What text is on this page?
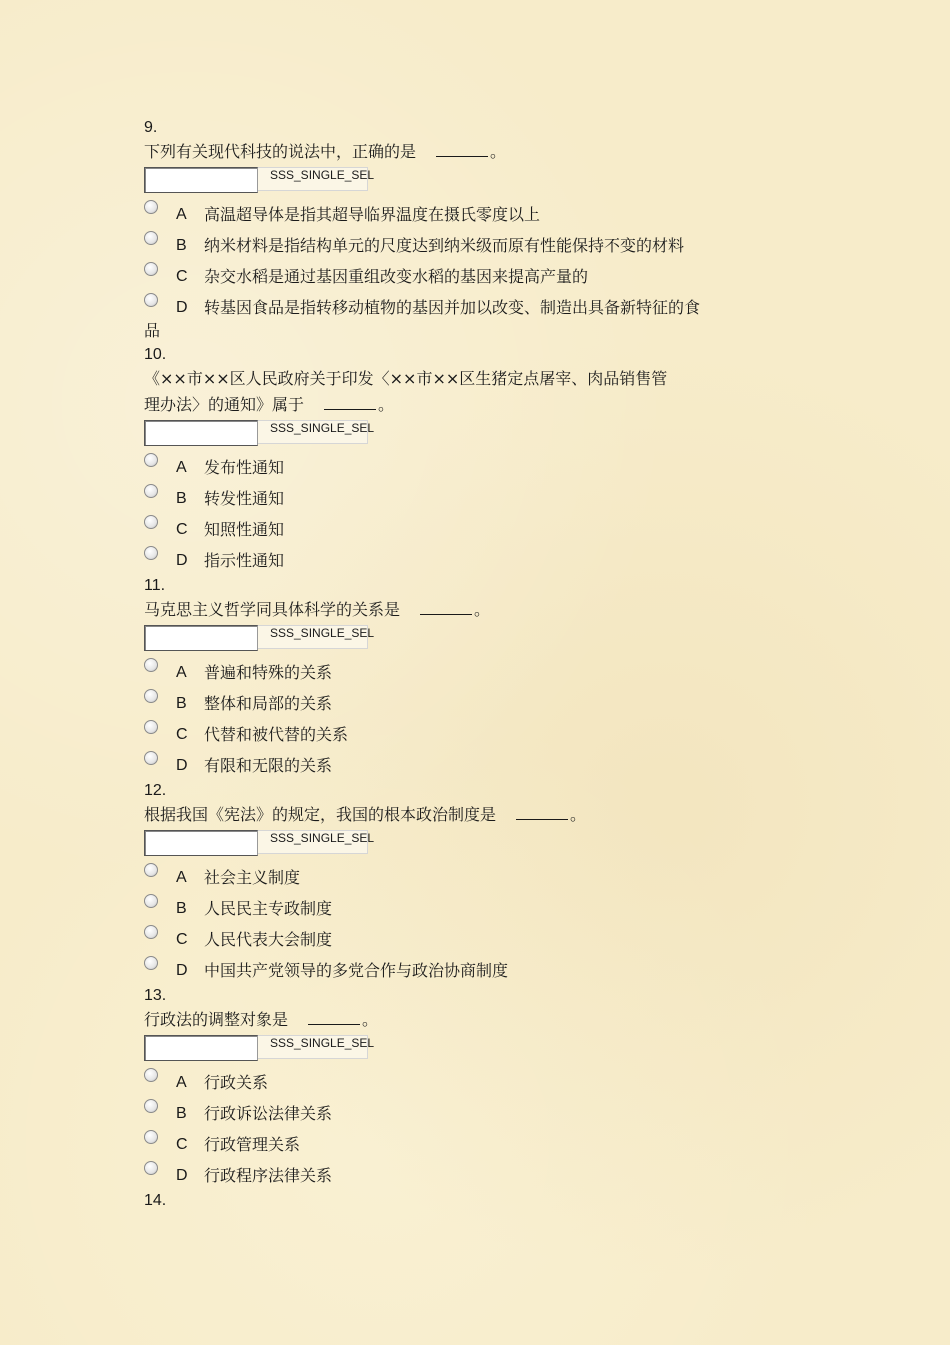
9.
下列有关现代科技的说法中，正确的是	。
SSS_SINGLE_SEL
A	高温超导体是指其超导临界温度在摄氏零度以上
B	纳米材料是指结构单元的尺度达到纳米级而原有性能保持不变的材料
C	杂交水稻是通过基因重组改变水稻的基因来提高产量的
D	转基因食品是指转移动植物的基因并加以改变、制造出具备新特征的食
品
10.
《××市××区人民政府关于印发〈××市××区生猪定点屠宰、肉品销售管
理办法〉的通知》属于	。
SSS_SINGLE_SEL
A	发布性通知
B	转发性通知
C	知照性通知
D	指示性通知
11.
马克思主义哲学同具体科学的关系是	。
SSS_SINGLE_SEL
A	普遍和特殊的关系
B	整体和局部的关系
C	代替和被代替的关系
D	有限和无限的关系
12.
根据我国《宪法》的规定，我国的根本政治制度是	。
SSS_SINGLE_SEL
A	社会主义制度
B	人民民主专政制度
C	人民代表大会制度
D	中国共产党领导的多党合作与政治协商制度
13.
行政法的调整对象是	。
SSS_SINGLE_SEL
A	行政关系
B	行政诉讼法律关系
C	行政管理关系
D	行政程序法律关系
14.
